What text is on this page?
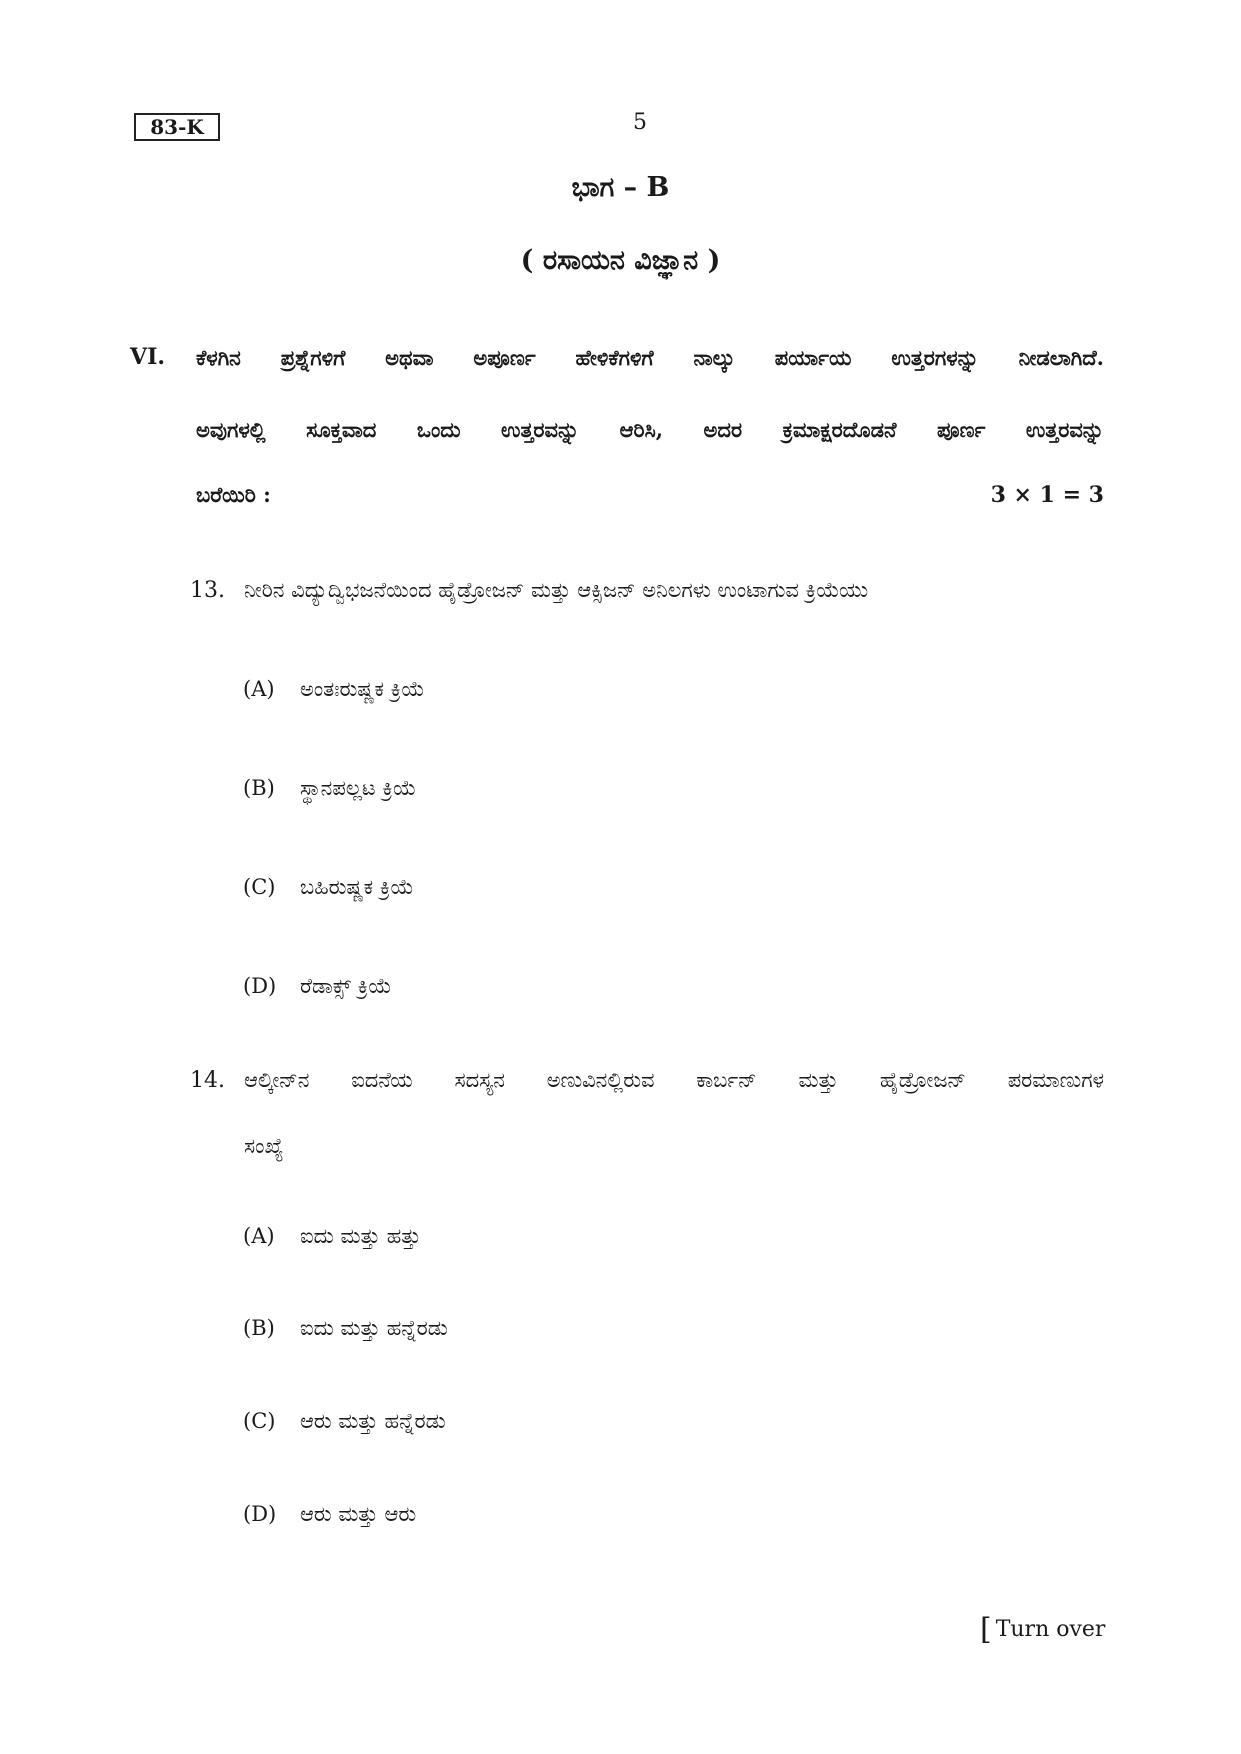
83-K	5
ಭಾಗ – B
( ರಸಾಯನ ವಿಜ್ಞಾನ )
VI. ಕೆಳಗಿನ ಪ್ರಶ್ನೆಗಳಿಗೆ ಅಥವಾ ಅಪೂರ್ಣ ಹೇಳಿಕೆಗಳಿಗೆ ನಾಲ್ಕು ಪರ್ಯಾಯ ಉತ್ತರಗಳನ್ನು ನೀಡಲಾಗಿದೆ.
ಅವುಗಳಲ್ಲಿ ಸೂಕ್ತವಾದ ಒಂದು ಉತ್ತರವನ್ನು ಆರಿಸಿ, ಅದರ ಕ್ರಮಾಕ್ಷರದೊಡನೆ ಪೂರ್ಣ ಉತ್ತರವನ್ನು
ಬರೆಯಿರಿ :	3 × 1 = 3
13. ನೀರಿನ ವಿದ್ಯುದ್ವಿಭಜನೆಯಿಂದ ಹೈಡ್ರೋಜನ್ ಮತ್ತು ಆಕ್ಸಿಜನ್ ಅನಿಲಗಳು ಉಂಟಾಗುವ ಕ್ರಿಯೆಯು
(A) ಅಂತಃರುಷ್ಣಕ ಕ್ರಿಯೆ
(B) ಸ್ಥಾನಪಲ್ಲಟ ಕ್ರಿಯೆ
(C) ಬಹಿರುಷ್ಣಕ ಕ್ರಿಯೆ
(D) ರೆಡಾಕ್ಸ್ ಕ್ರಿಯೆ
14. ಆಲ್ಕೀನ್‌ನ ಐದನೆಯ ಸದಸ್ಯನ ಅಣುವಿನಲ್ಲಿರುವ ಕಾರ್ಬನ್ ಮತ್ತು ಹೈಡ್ರೋಜನ್ ಪರಮಾಣುಗಳ
ಸಂಖ್ಯೆ
(A) ಐದು ಮತ್ತು ಹತ್ತು
(B) ಐದು ಮತ್ತು ಹನ್ನೆರಡು
(C) ಆರು ಮತ್ತು ಹನ್ನೆರಡು
(D) ಆರು ಮತ್ತು ಆರು
[ Turn over
